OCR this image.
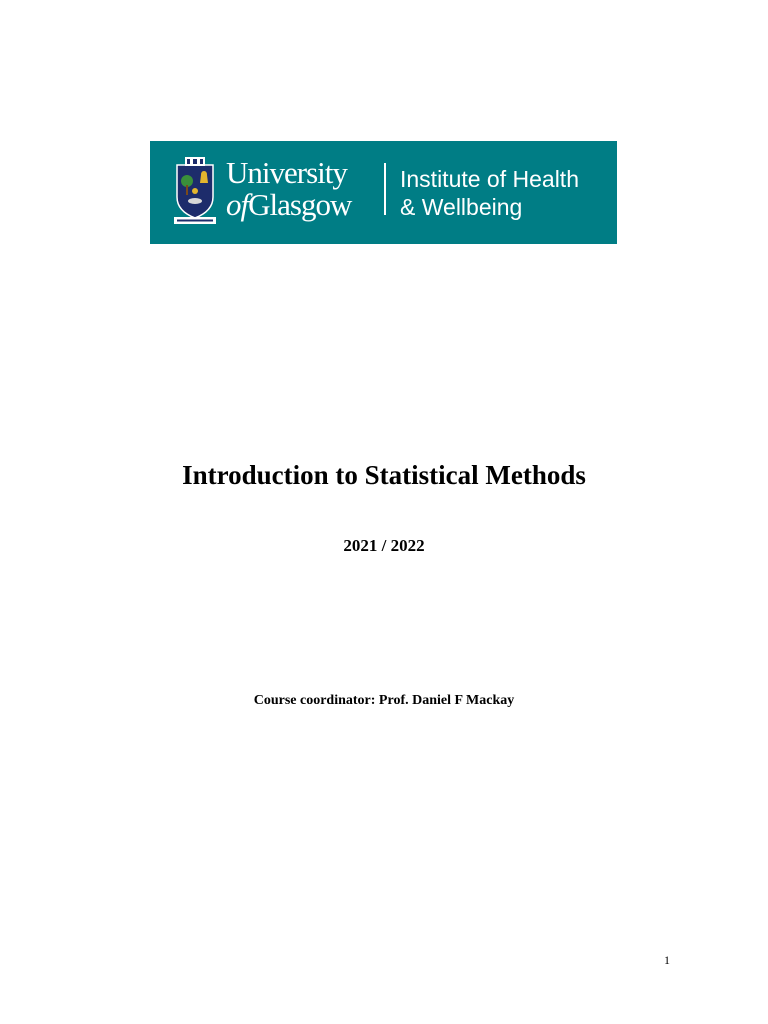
University
ofGlasgow
Institute of Health
& Wellbeing
Introduction to Statistical Methods
2021 / 2022
Course coordinator: Prof. Daniel F Mackay
1
